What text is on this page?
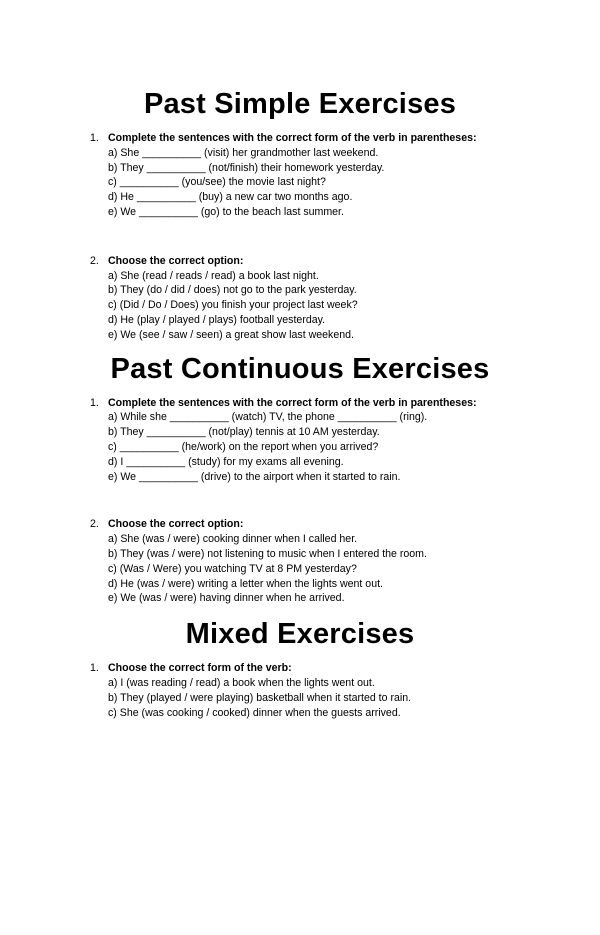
Past Simple Exercises
1. Complete the sentences with the correct form of the verb in parentheses:
a) She __________ (visit) her grandmother last weekend.
b) They __________ (not/finish) their homework yesterday.
c) __________ (you/see) the movie last night?
d) He __________ (buy) a new car two months ago.
e) We __________ (go) to the beach last summer.
2. Choose the correct option:
a) She (read / reads / read) a book last night.
b) They (do / did / does) not go to the park yesterday.
c) (Did / Do / Does) you finish your project last week?
d) He (play / played / plays) football yesterday.
e) We (see / saw / seen) a great show last weekend.
Past Continuous Exercises
1. Complete the sentences with the correct form of the verb in parentheses:
a) While she __________ (watch) TV, the phone __________ (ring).
b) They __________ (not/play) tennis at 10 AM yesterday.
c) __________ (he/work) on the report when you arrived?
d) I __________ (study) for my exams all evening.
e) We __________ (drive) to the airport when it started to rain.
2. Choose the correct option:
a) She (was / were) cooking dinner when I called her.
b) They (was / were) not listening to music when I entered the room.
c) (Was / Were) you watching TV at 8 PM yesterday?
d) He (was / were) writing a letter when the lights went out.
e) We (was / were) having dinner when he arrived.
Mixed Exercises
1. Choose the correct form of the verb:
a) I (was reading / read) a book when the lights went out.
b) They (played / were playing) basketball when it started to rain.
c) She (was cooking / cooked) dinner when the guests arrived.
